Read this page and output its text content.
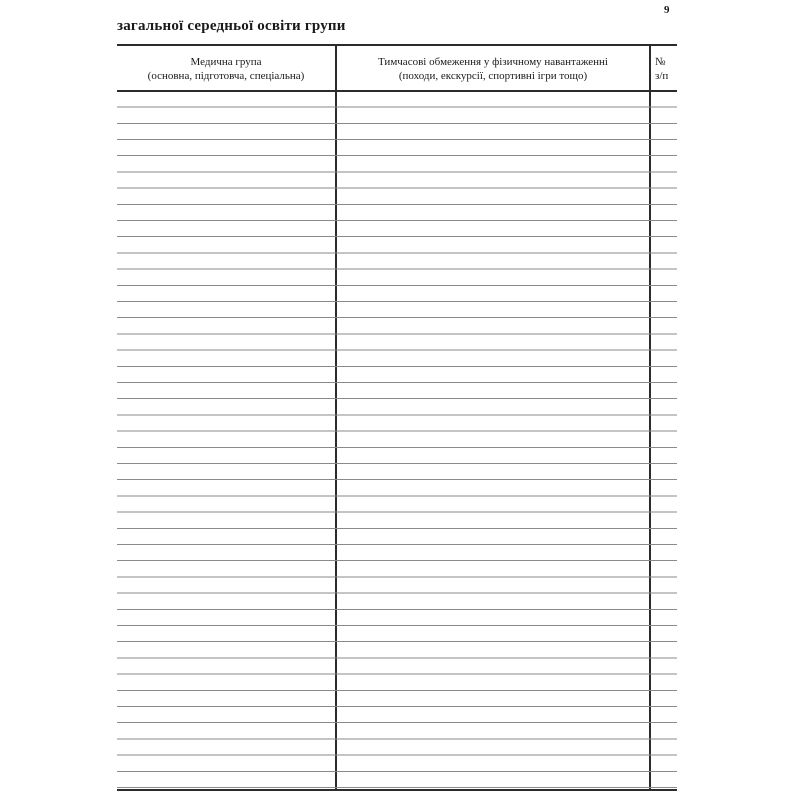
9
загальної середньої освіти групи
Медична група
(основна, підготовча, спеціальна)
Тимчасові обмеження у фізичному навантаженні
(походи, екскурсії, спортивні ігри тощо)
№
з/п
